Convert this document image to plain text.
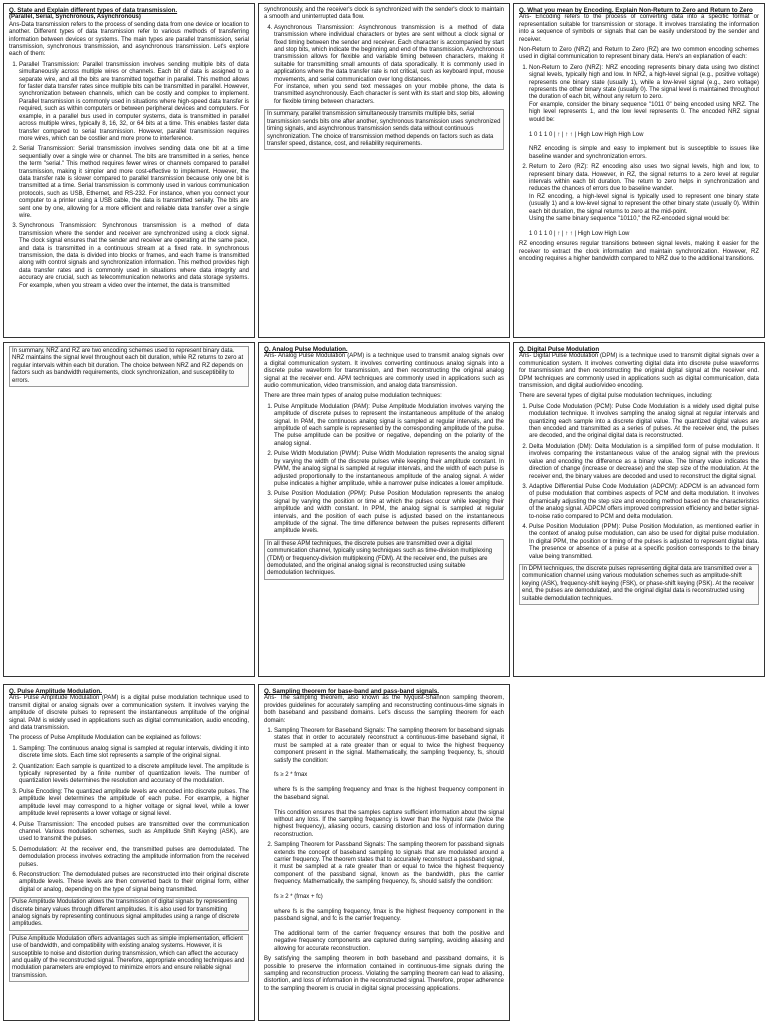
Q. State and Explain different types of data transmission.
(Parallel, Serial, Synchronous, Asynchronous)

Ans-Data transmission refers to the process of sending data from one device or location to another. Different types of data transmission refer to various methods of transferring information between devices or systems. The main types are parallel transmission, serial transmission, synchronous transmission, and asynchronous transmission. Let's explore each of them:

1. Parallel Transmission: Parallel transmission involves sending multiple bits of data simultaneously across multiple wires or channels. Each bit of data is assigned to a separate wire, and all the bits are transmitted together in parallel. This method allows for faster data transfer rates since multiple bits can be transmitted in parallel. However, synchronization between channels, which can be costly and complex to implement. Parallel transmission is commonly used in situations where high-speed data transfer is required, such as within computers or between peripheral devices and computers. For example, in a parallel bus used in computer systems, data is transmitted in parallel across multiple wires, typically 8, 16, 32, or 64 bits at a time. This enables faster data transfer compared to serial transmission. However, parallel transmission requires more wires, which can be costlier and more prone to interference.
2. Serial Transmission: Serial transmission involves sending data one bit at a time sequentially over a single wire or channel. The bits are transmitted in a series, hence the term "serial." This method requires fewer wires or channels compared to parallel transmission, making it simpler and more cost-effective to implement. However, the data transfer rate is slower compared to parallel transmission because only one bit is transmitted at a time. Serial transmission is commonly used in various communication protocols, such as USB, Ethernet, and RS-232. For instance, when you connect your computer to a printer using a USB cable, the data is transmitted serially. The bits are sent one by one, allowing for a more efficient and reliable data transfer over a single wire.
3. Synchronous Transmission: Synchronous transmission is a method of data transmission where the sender and receiver are synchronized using a clock signal. The clock signal ensures that the sender and receiver are operating at the same pace, and data is transmitted in a continuous stream at a fixed rate. In synchronous transmission, the data is divided into blocks or frames, and each frame is transmitted along with control signals and synchronization information. This method provides high data transfer rates and is commonly used in situations where data integrity and accuracy are crucial, such as telecommunication networks and data storage systems. For example, when you stream a video over the internet, the data is transmitted

synchronously, and the receiver's clock is synchronized with the sender's clock to maintain a smooth and uninterrupted data flow.

4. Asynchronous Transmission: Asynchronous transmission is a method of data transmission where individual characters or bytes are sent without a clock signal or fixed timing between the sender and receiver. Each character is accompanied by start and stop bits, which indicate the beginning and end of the transmission. Asynchronous transmission allows for flexible and variable timing between characters, making it suitable for transmitting small amounts of data sporadically. It is commonly used in applications where the data transfer rate is not critical, such as keyboard input, mouse movements, and serial communication over long distances.
For instance, when you send text messages on your mobile phone, the data is transmitted asynchronously. Each character is sent with its start and stop bits, allowing for flexible timing between characters.
In summary, parallel transmission simultaneously transmits multiple bits, serial transmission sends bits one after another, synchronous transmission uses synchronized timing signals, and asynchronous transmission sends data without continuous synchronization. The choice of transmission method depends on factors such as data transfer speed, distance, cost, and reliability requirements.
Q. What you mean by Encoding. Explain Non-Return to Zero and Return to Zero

Ans- Encoding refers to the process of converting data into a specific format or representation suitable for transmission or storage. It involves translating the information into a sequence of symbols or signals that can be easily understood by the sender and receiver.

Non-Return to Zero (NRZ) and Return to Zero (RZ) are two common encoding schemes used in digital communication to represent binary data. Here's an explanation of each:

1. Non-Return to Zero (NRZ): NRZ encoding represents binary data using two distinct signal levels, typically high and low. In NRZ, a high-level signal (e.g., positive voltage) represents one binary state (usually 1), while a low-level signal (e.g., zero voltage) represents the other binary state (usually 0). The signal level is maintained throughout the duration of each bit, without any return to zero.
For example, consider the binary sequence "1011 0" being encoded using NRZ. The high level represents 1, and the low level represents 0. The encoded NRZ signal would be:

1 0 1 1 0 | ↑ | ↑ ↑ | High Low High High Low

NRZ encoding is simple and easy to implement but is susceptible to issues like baseline wander and synchronization errors.
2. Return to Zero (RZ): RZ encoding also uses two signal levels, high and low, to represent binary data. However, in RZ, the signal returns to a zero level at regular intervals within each bit duration. The return to zero helps in synchronization and reduces the chances of errors due to baseline wander.
In RZ encoding, a high-level signal is typically used to represent one binary state (usually 1) and a low-level signal to represent the other binary state (usually 0). Within each bit duration, the signal returns to zero at the mid-point.
Using the same binary sequence "10110," the RZ-encoded signal would be:

1 0 1 1 0 | ↑ | ↑ ↑ | High Low High Low

RZ encoding ensures regular transitions between signal levels, making it easier for the receiver to extract the clock information and maintain synchronization. However, RZ encoding requires a higher bandwidth compared to NRZ due to the additional transitions.

In summary, NRZ and RZ are two encoding schemes used to represent binary data. NRZ maintains the signal level throughout each bit duration, while RZ returns to zero at regular intervals within each bit duration. The choice between NRZ and RZ depends on factors such as bandwidth requirements, clock synchronization, and susceptibility to errors.
Q. Analog Pulse Modulation.

Ans- Analog Pulse Modulation (APM) is a technique used to transmit analog signals over a digital communication system. It involves converting continuous analog signals into a discrete pulse waveform for transmission, and then reconstructing the original analog signal at the receiver end. APM techniques are commonly used in applications such as audio communication, video transmission, and analog data transmission.

There are three main types of analog pulse modulation techniques:

1. Pulse Amplitude Modulation (PAM): Pulse Amplitude Modulation involves varying the amplitude of discrete pulses to represent the instantaneous amplitude of the analog signal. In PAM, the continuous analog signal is sampled at regular intervals, and the amplitude of each sample is represented by the corresponding amplitude of the pulse. The pulse amplitude can be positive or negative, depending on the polarity of the analog signal.
2. Pulse Width Modulation (PWM): Pulse Width Modulation represents the analog signal by varying the width of the discrete pulses while keeping their amplitude constant. In PWM, the analog signal is sampled at regular intervals, and the width of each pulse is adjusted proportionally to the instantaneous amplitude of the analog signal. A wider pulse indicates a higher amplitude, while a narrower pulse indicates a lower amplitude.
3. Pulse Position Modulation (PPM): Pulse Position Modulation represents the analog signal by varying the position or time at which the pulses occur while keeping their amplitude and width constant. In PPM, the analog signal is sampled at regular intervals, and the position of each pulse is adjusted based on the instantaneous amplitude of the signal. The time difference between the pulses represents different amplitude levels.
In all these APM techniques, the discrete pulses are transmitted over a digital communication channel, typically using techniques such as time-division multiplexing (TDM) or frequency-division multiplexing (FDM). At the receiver end, the pulses are demodulated, and the original analog signal is reconstructed using suitable demodulation techniques.
Q. Digital Pulse Modulation

Ans- Digital Pulse Modulation (DPM) is a technique used to transmit digital signals over a communication system. It involves converting digital data into discrete pulse waveforms for transmission and then reconstructing the original digital signal at the receiver end. DPM techniques are commonly used in applications such as digital communication, data transmission, and digital audio/video encoding.

There are several types of digital pulse modulation techniques, including:

1. Pulse Code Modulation (PCM): Pulse Code Modulation is a widely used digital pulse modulation technique. It involves sampling the analog signal at regular intervals and quantizing each sample into a discrete digital value. The quantized digital values are then encoded and transmitted as a series of pulses. At the receiver end, the pulses are decoded, and the original digital data is reconstructed.
2. Delta Modulation (DM): Delta Modulation is a simplified form of pulse modulation. It involves comparing the instantaneous value of the analog signal with the previous value and encoding the difference as a binary value. The binary value indicates the direction of change (increase or decrease) and the step size of the modulation. At the receiver end, the binary values are decoded and used to reconstruct the digital signal.
3. Adaptive Differential Pulse Code Modulation (ADPCM): ADPCM is an advanced form of pulse modulation that combines aspects of PCM and delta modulation. It involves dynamically adjusting the step size and encoding method based on the characteristics of the analog signal. ADPCM offers improved compression efficiency and better signal-to-noise ratio compared to PCM and delta modulation.
4. Pulse Position Modulation (PPM): Pulse Position Modulation, as mentioned earlier in the context of analog pulse modulation, can also be used for digital pulse modulation. In digital PPM, the position or timing of the pulses is adjusted to represent digital data. The presence or absence of a pulse at a specific position corresponds to the binary value being transmitted.
In DPM techniques, the discrete pulses representing digital data are transmitted over a communication channel using various modulation schemes such as amplitude-shift keying (ASK), frequency-shift keying (FSK), or phase-shift keying (PSK). At the receiver end, the pulses are demodulated, and the original digital data is reconstructed using suitable demodulation techniques.
Q. Pulse Amplitude Modulation.

Ans- Pulse Amplitude Modulation (PAM) is a digital pulse modulation technique used to transmit digital or analog signals over a communication system. It involves varying the amplitude of discrete pulses to represent the instantaneous amplitude of the original signal. PAM is widely used in applications such as digital communication, audio encoding, and data transmission.

The process of Pulse Amplitude Modulation can be explained as follows:

1. Sampling: The continuous analog signal is sampled at regular intervals, dividing it into discrete time slots. Each time slot represents a sample of the original signal.
2. Quantization: Each sample is quantized to a discrete amplitude level. The amplitude is typically represented by a finite number of quantization levels. The number of quantization levels determines the resolution and accuracy of the modulation.
3. Pulse Encoding: The quantized amplitude levels are encoded into discrete pulses. The amplitude level determines the amplitude of each pulse. For example, a higher amplitude level may correspond to a higher voltage or signal level, while a lower amplitude level represents a lower voltage or signal level.
4. Pulse Transmission: The encoded pulses are transmitted over the communication channel. Various modulation schemes, such as Amplitude Shift Keying (ASK), are used to transmit the pulses.
5. Demodulation: At the receiver end, the transmitted pulses are demodulated. The demodulation process involves extracting the amplitude information from the received pulses.
6. Reconstruction: The demodulated pulses are reconstructed into their original discrete amplitude levels. These levels are then converted back to their original form, either digital or analog, depending on the type of signal being transmitted.
Pulse Amplitude Modulation allows the transmission of digital signals by representing discrete binary values through different amplitudes. It is also used for transmitting analog signals by representing continuous signal amplitudes using a range of discrete amplitudes.
Pulse Amplitude Modulation offers advantages such as simple implementation, efficient use of bandwidth, and compatibility with existing analog systems. However, it is susceptible to noise and distortion during transmission, which can affect the accuracy and quality of the reconstructed signal. Therefore, appropriate encoding techniques and modulation parameters are employed to minimize errors and ensure reliable signal transmission.
Q. Sampling theorem for base-band and pass-band signals.

Ans- The sampling theorem, also known as the Nyquist-Shannon sampling theorem, provides guidelines for accurately sampling and reconstructing continuous-time signals in both baseband and passband domains. Let's discuss the sampling theorem for each domain:

1. Sampling Theorem for Baseband Signals: The sampling theorem for baseband signals states that in order to accurately reconstruct a continuous-time baseband signal, it must be sampled at a rate greater than or equal to twice the highest frequency component present in the signal. Mathematically, the sampling frequency, fs, should satisfy the condition:

fs ≥ 2 * fmax

where fs is the sampling frequency and fmax is the highest frequency component in the baseband signal.

This condition ensures that the samples capture sufficient information about the signal without any loss. If the sampling frequency is lower than the Nyquist rate (twice the highest frequency), aliasing occurs, causing distortion and loss of information during reconstruction.
2. Sampling Theorem for Passband Signals: The sampling theorem for passband signals extends the concept of baseband sampling to signals that are modulated around a carrier frequency. The theorem states that to accurately reconstruct a passband signal, it must be sampled at a rate greater than or equal to twice the highest frequency component of the passband signal, known as the bandwidth, plus the carrier frequency. Mathematically, the sampling frequency, fs, should satisfy the condition:

fs ≥ 2 * (fmax + fc)

where fs is the sampling frequency, fmax is the highest frequency component in the passband signal, and fc is the carrier frequency.

The additional term of the carrier frequency ensures that both the positive and negative frequency components are captured during sampling, avoiding aliasing and allowing for accurate reconstruction.

By satisfying the sampling theorem in both baseband and passband domains, it is possible to preserve the information contained in continuous-time signals during the sampling and reconstruction process. Violating the sampling theorem can lead to aliasing, distortion, and loss of information in the reconstructed signal. Therefore, proper adherence to the sampling theorem is crucial in digital signal processing applications.
